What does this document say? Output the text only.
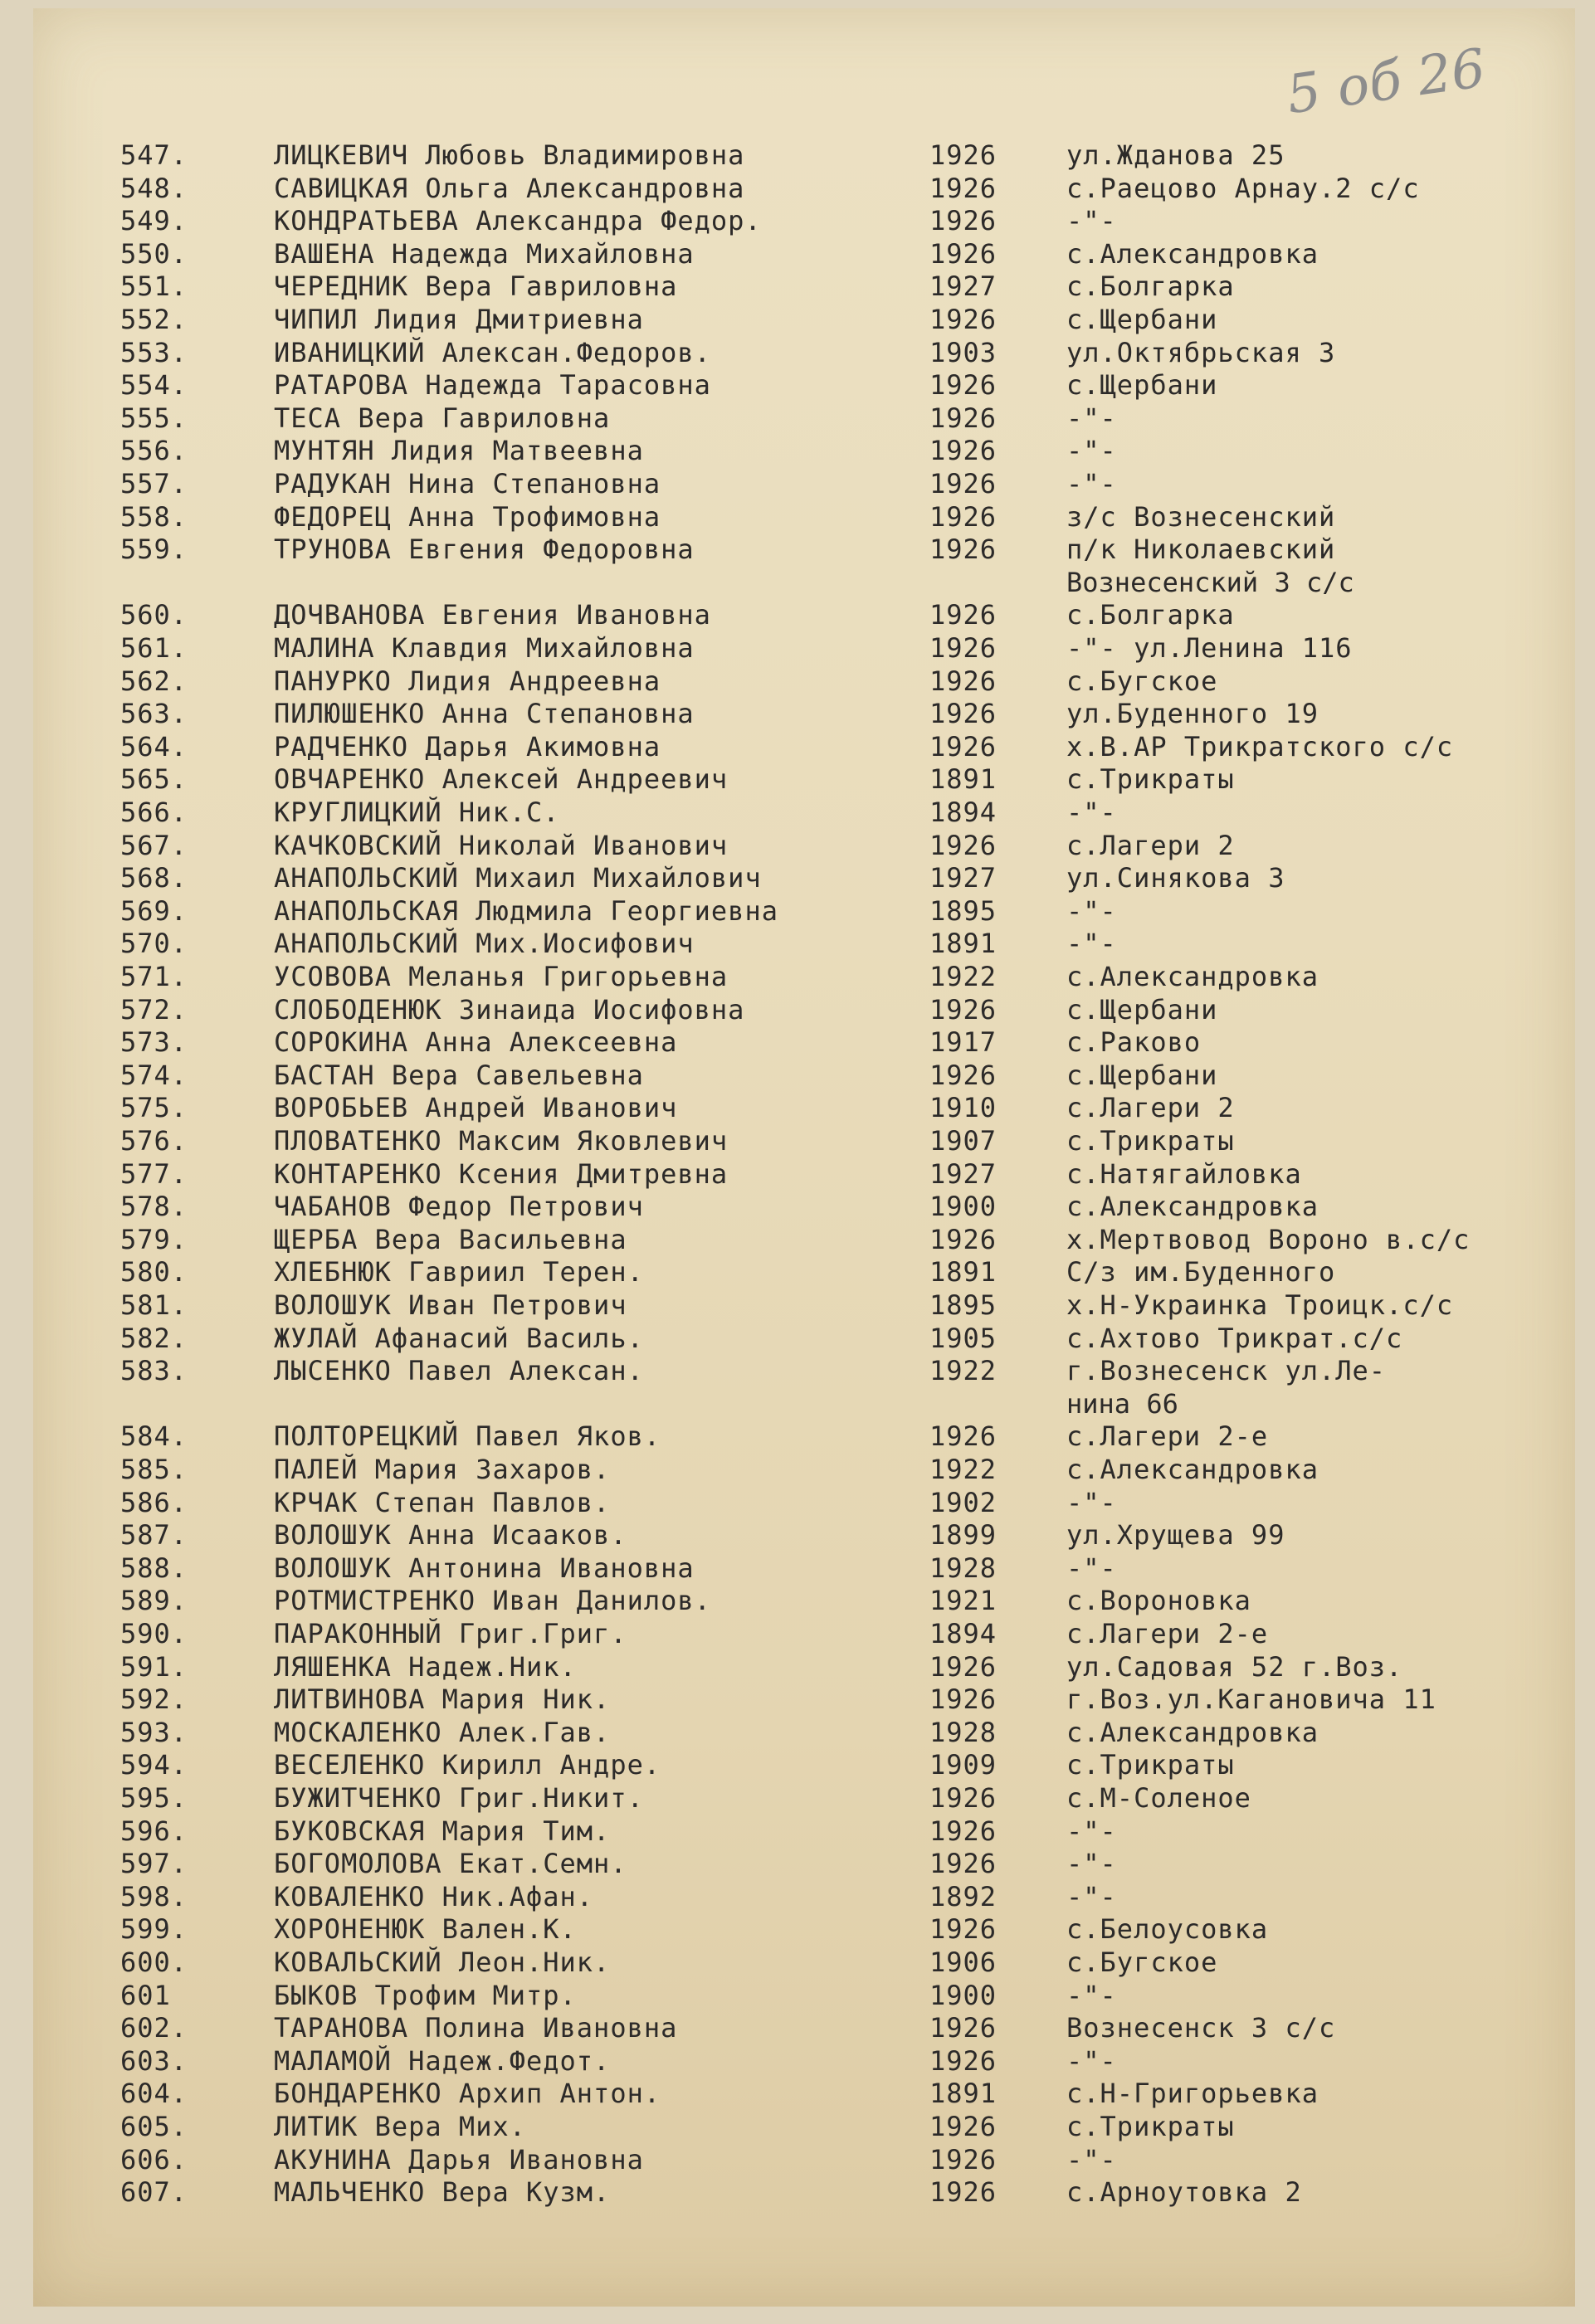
5 об 26
547.	ЛИЦКЕВИЧ Любовь Владимировна	1926	ул.Жданова 25
548.	САВИЦКАЯ Ольга Александровна	1926	с.Раецово Арнау.2 с/с
549.	КОНДРАТЬЕВА Александра Федор.	1926	-"-
550.	ВАШЕНА Надежда Михайловна	1926	с.Александровка
551.	ЧЕРЕДНИК Вера Гавриловна	1927	с.Болгарка
552.	ЧИПИЛ Лидия Дмитриевна	1926	с.Щербани
553.	ИВАНИЦКИЙ Алексан.Федоров.	1903	ул.Октябрьская 3
554.	РАТАРОВА Надежда Тарасовна	1926	с.Щербани
555.	ТЕСА Вера Гавриловна	1926	-"-
556.	МУНТЯН Лидия Матвеевна	1926	-"-
557.	РАДУКАН Нина Степановна	1926	-"-
558.	ФЕДОРЕЦ Анна Трофимовна	1926	з/с Вознесенский
559.	ТРУНОВА Евгения Федоровна	1926	п/к Николаевский
Вознесенский 3 с/с
560.	ДОЧВАНОВА Евгения Ивановна	1926	с.Болгарка
561.	МАЛИНА Клавдия Михайловна	1926	-"- ул.Ленина 116
562.	ПАНУРКО Лидия Андреевна	1926	с.Бугское
563.	ПИЛЮШЕНКО Анна Степановна	1926	ул.Буденного 19
564.	РАДЧЕНКО Дарья Акимовна	1926	х.В.АР Трикратского с/с
565.	ОВЧАРЕНКО Алексей Андреевич	1891	с.Трикраты
566.	КРУГЛИЦКИЙ Ник.С.	1894	-"-
567.	КАЧКОВСКИЙ Николай Иванович	1926	с.Лагери 2
568.	АНАПОЛЬСКИЙ Михаил Михайлович	1927	ул.Синякова 3
569.	АНАПОЛЬСКАЯ Людмила Георгиевна	1895	-"-
570.	АНАПОЛЬСКИЙ Мих.Иосифович	1891	-"-
571.	УСОВОВА Меланья Григорьевна	1922	с.Александровка
572.	СЛОБОДЕНЮК Зинаида Иосифовна	1926	с.Щербани
573.	СОРОКИНА Анна Алексеевна	1917	с.Раково
574.	БАСТАН Вера Савельевна	1926	с.Щербани
575.	ВОРОБЬЕВ Андрей Иванович	1910	с.Лагери 2
576.	ПЛОВАТЕНКО Максим Яковлевич	1907	с.Трикраты
577.	КОНТАРЕНКО Ксения Дмитревна	1927	с.Натягайловка
578.	ЧАБАНОВ Федор Петрович	1900	с.Александровка
579.	ЩЕРБА Вера Васильевна	1926	х.Мертвовод Вороно в.с/с
580.	ХЛЕБНЮК Гавриил Терен.	1891	С/з им.Буденного
581.	ВОЛОШУК Иван Петрович	1895	х.Н-Украинка Троицк.с/с
582.	ЖУЛАЙ Афанасий Василь.	1905	с.Ахтово Трикрат.с/с
583.	ЛЫСЕНКО Павел Алексан.	1922	г.Вознесенск ул.Ле-
нина 66
584.	ПОЛТОРЕЦКИЙ Павел Яков.	1926	с.Лагери 2-е
585.	ПАЛЕЙ Мария Захаров.	1922	с.Александровка
586.	КРЧАК Степан Павлов.	1902	-"-
587.	ВОЛОШУК Анна Исааков.	1899	ул.Хрущева 99
588.	ВОЛОШУК Антонина Ивановна	1928	-"-
589.	РОТМИСТРЕНКО Иван Данилов.	1921	с.Вороновка
590.	ПАРАКОННЫЙ Григ.Григ.	1894	с.Лагери 2-е
591.	ЛЯШЕНКА Надеж.Ник.	1926	ул.Садовая 52 г.Воз.
592.	ЛИТВИНОВА Мария Ник.	1926	г.Воз.ул.Кагановича 11
593.	МОСКАЛЕНКО Алек.Гав.	1928	с.Александровка
594.	ВЕСЕЛЕНКО Кирилл Андре.	1909	с.Трикраты
595.	БУЖИТЧЕНКО Григ.Никит.	1926	с.М-Соленое
596.	БУКОВСКАЯ Мария Тим.	1926	-"-
597.	БОГОМОЛОВА Екат.Семн.	1926	-"-
598.	КОВАЛЕНКО Ник.Афан.	1892	-"-
599.	ХОРОНЕНЮК Вален.К.	1926	с.Белоусовка
600.	КОВАЛЬСКИЙ Леон.Ник.	1906	с.Бугское
601	БЫКОВ Трофим Митр.	1900	-"-
602.	ТАРАНОВА Полина Ивановна	1926	Вознесенск 3 с/с
603.	МАЛАМОЙ Надеж.Федот.	1926	-"-
604.	БОНДАРЕНКО Архип Антон.	1891	с.Н-Григорьевка
605.	ЛИТИК Вера Мих.	1926	с.Трикраты
606.	АКУНИНА Дарья Ивановна	1926	-"-
607.	МАЛЬЧЕНКО Вера Кузм.	1926	с.Арноутовка 2
